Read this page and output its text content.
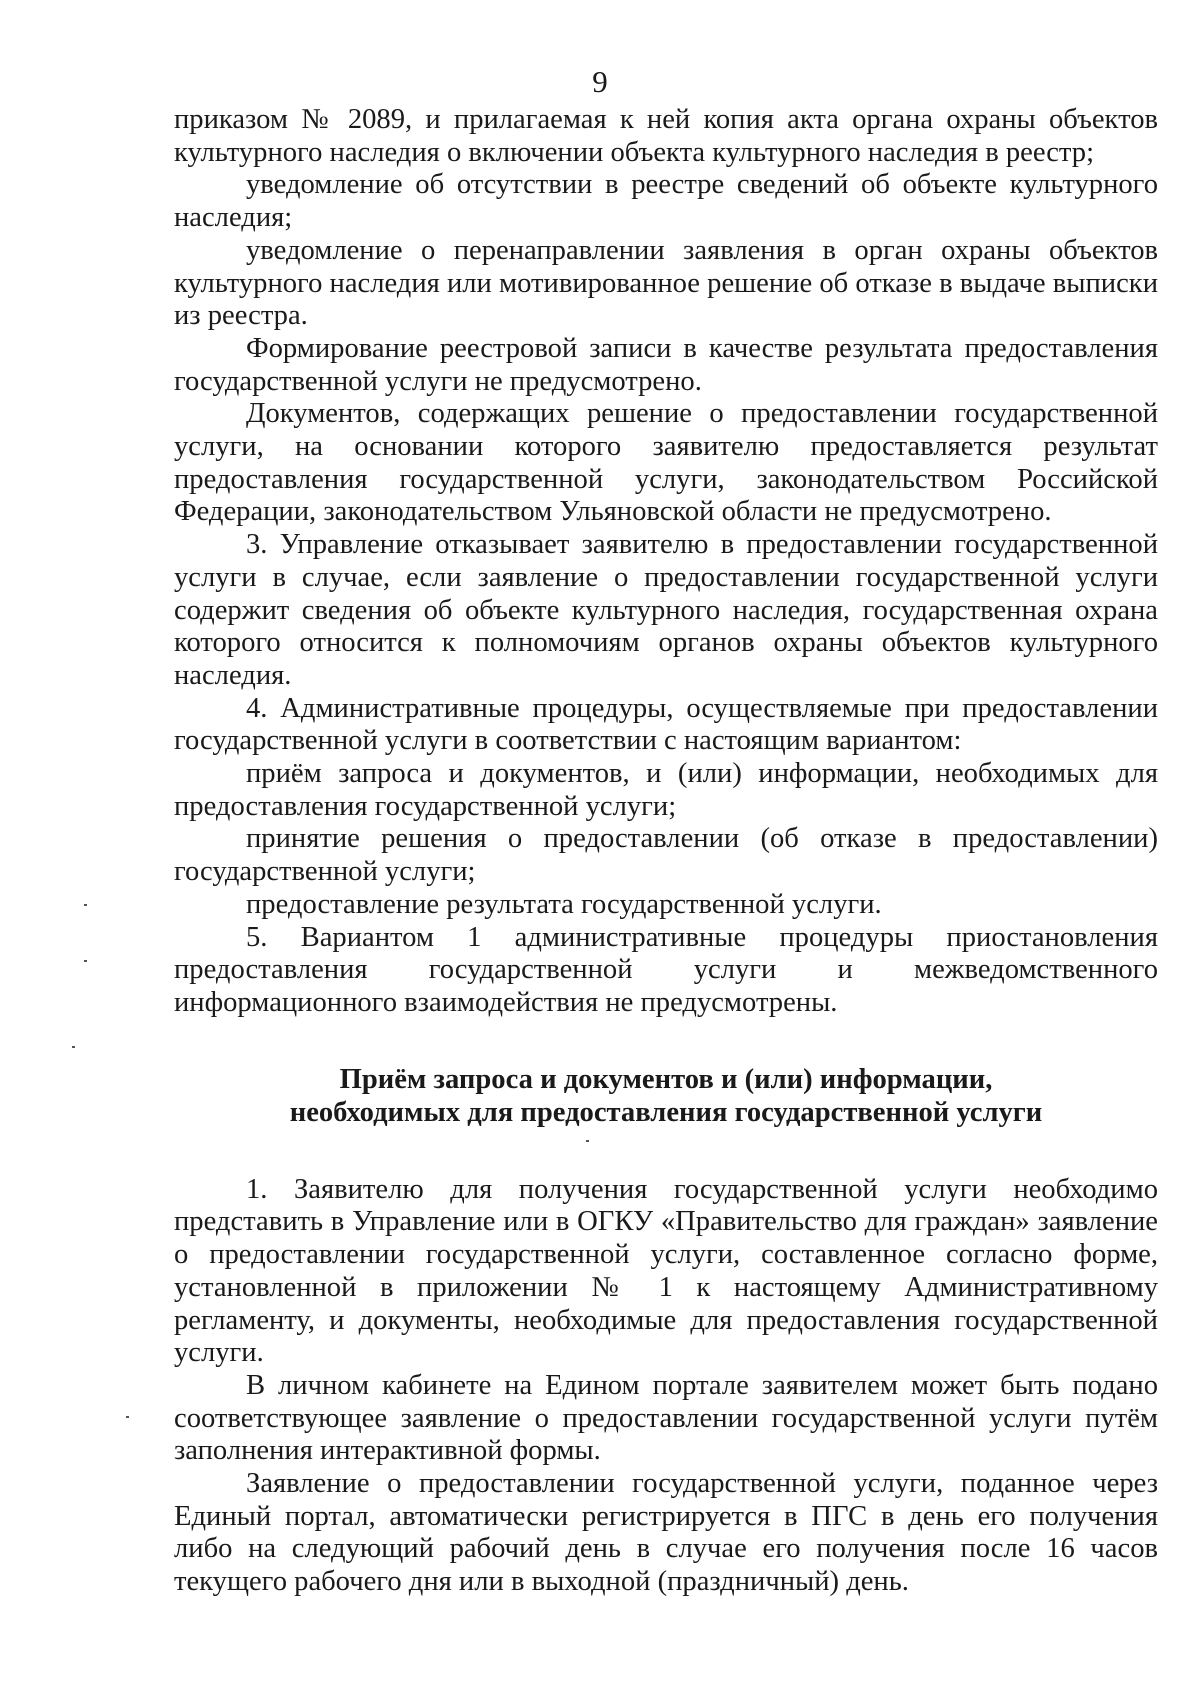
9

приказом № 2089, и прилагаемая к ней копия акта органа охраны объектов культурного наследия о включении объекта культурного наследия в реестр;

уведомление об отсутствии в реестре сведений об объекте культурного наследия;

уведомление о перенаправлении заявления в орган охраны объектов культурного наследия или мотивированное решение об отказе в выдаче выписки из реестра.

Формирование реестровой записи в качестве результата предоставления государственной услуги не предусмотрено.

Документов, содержащих решение о предоставлении государственной услуги, на основании которого заявителю предоставляется результат предоставления государственной услуги, законодательством Российской Федерации, законодательством Ульяновской области не предусмотрено.

3. Управление отказывает заявителю в предоставлении государственной услуги в случае, если заявление о предоставлении государственной услуги содержит сведения об объекте культурного наследия, государственная охрана которого относится к полномочиям органов охраны объектов культурного наследия.

4. Административные процедуры, осуществляемые при предоставлении государственной услуги в соответствии с настоящим вариантом:

приём запроса и документов, и (или) информации, необходимых для предоставления государственной услуги;

принятие решения о предоставлении (об отказе в предоставлении) государственной услуги;

предоставление результата государственной услуги.

5. Вариантом 1 административные процедуры приостановления предоставления государственной услуги и межведомственного информационного взаимодействия не предусмотрены.

Приём запроса и документов и (или) информации,
необходимых для предоставления государственной услуги

1. Заявителю для получения государственной услуги необходимо представить в Управление или в ОГКУ «Правительство для граждан» заявление о предоставлении государственной услуги, составленное согласно форме, установленной в приложении № 1 к настоящему Административному регламенту, и документы, необходимые для предоставления государственной услуги.

В личном кабинете на Едином портале заявителем может быть подано соответствующее заявление о предоставлении государственной услуги путём заполнения интерактивной формы.

Заявление о предоставлении государственной услуги, поданное через Единый портал, автоматически регистрируется в ПГС в день его получения либо на следующий рабочий день в случае его получения после 16 часов текущего рабочего дня или в выходной (праздничный) день.
